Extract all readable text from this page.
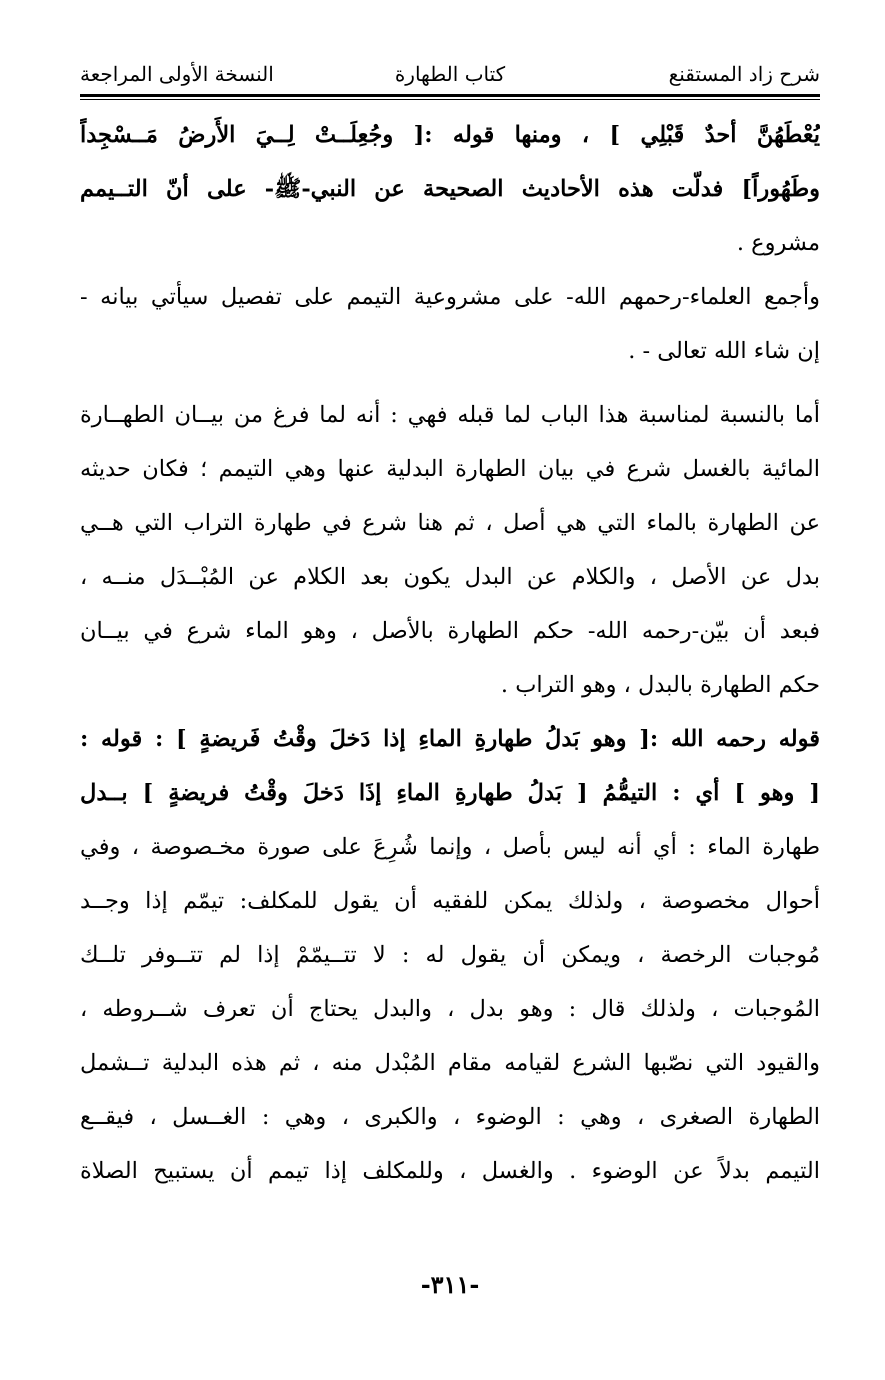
شرح زاد المستقنع
كتاب الطهارة
النسخة الأولى المراجعة
يُعْطَهُنَّ أحدٌ قَبْلِي ] ، ومنها قوله :[ وجُعِلَــتْ لِــيَ الأَرضُ مَــسْجِداً
وطَهُوراً] فدلّت هذه الأحاديث الصحيحة عن النبي-ﷺ- على أنّ التــيمم
مشروع .
وأجمع العلماء-رحمهم الله- على مشروعية التيمم على تفصيل سيأتي بيانه -
إن شاء الله تعالى - .
أما بالنسبة لمناسبة هذا الباب لما قبله فهي : أنه لما فرغ من بيــان الطهــارة
المائية بالغسل شرع في بيان الطهارة البدلية عنها وهي التيمم ؛ فكان حديثه
عن الطهارة بالماء التي هي أصل ، ثم هنا شرع في طهارة التراب التي هــي
بدل عن الأصل ، والكلام عن البدل يكون بعد الكلام عن المُبْــدَل منــه ،
فبعد أن بيّن-رحمه الله- حكم الطهارة بالأصل ، وهو الماء شرع في بيــان
حكم الطهارة بالبدل ، وهو التراب .
قوله رحمه الله :[ وهو بَدلُ طهارةِ الماءِ إذا دَخلَ وقْتُ فَريضةٍ ] : قوله :
[ وهو ] أي : التيمُّمُ [ بَدلُ طهارةِ الماءِ إذَا دَخلَ وقْتُ فريضةٍ ] بــدل
طهارة الماء : أي أنه ليس بأصل ، وإنما شُرِعَ على صورة مخـصوصة ، وفي
أحوال مخصوصة ، ولذلك يمكن للفقيه أن يقول للمكلف: تيمّم إذا وجــد
مُوجبات الرخصة ، ويمكن أن يقول له : لا تتــيمّمْ إذا لم تتــوفر تلــك
المُوجبات ، ولذلك قال : وهو بدل ، والبدل يحتاج أن تعرف شــروطه ،
والقيود التي نصّبها الشرع لقيامه مقام المُبْدل منه ، ثم هذه البدلية تــشمل
الطهارة الصغرى ، وهي : الوضوء ، والكبرى ، وهي : الغــسل ، فيقــع
التيمم بدلاً عن الوضوء . والغسل ، وللمكلف إذا تيمم أن يستبيح الصلاة
-٣١١-
